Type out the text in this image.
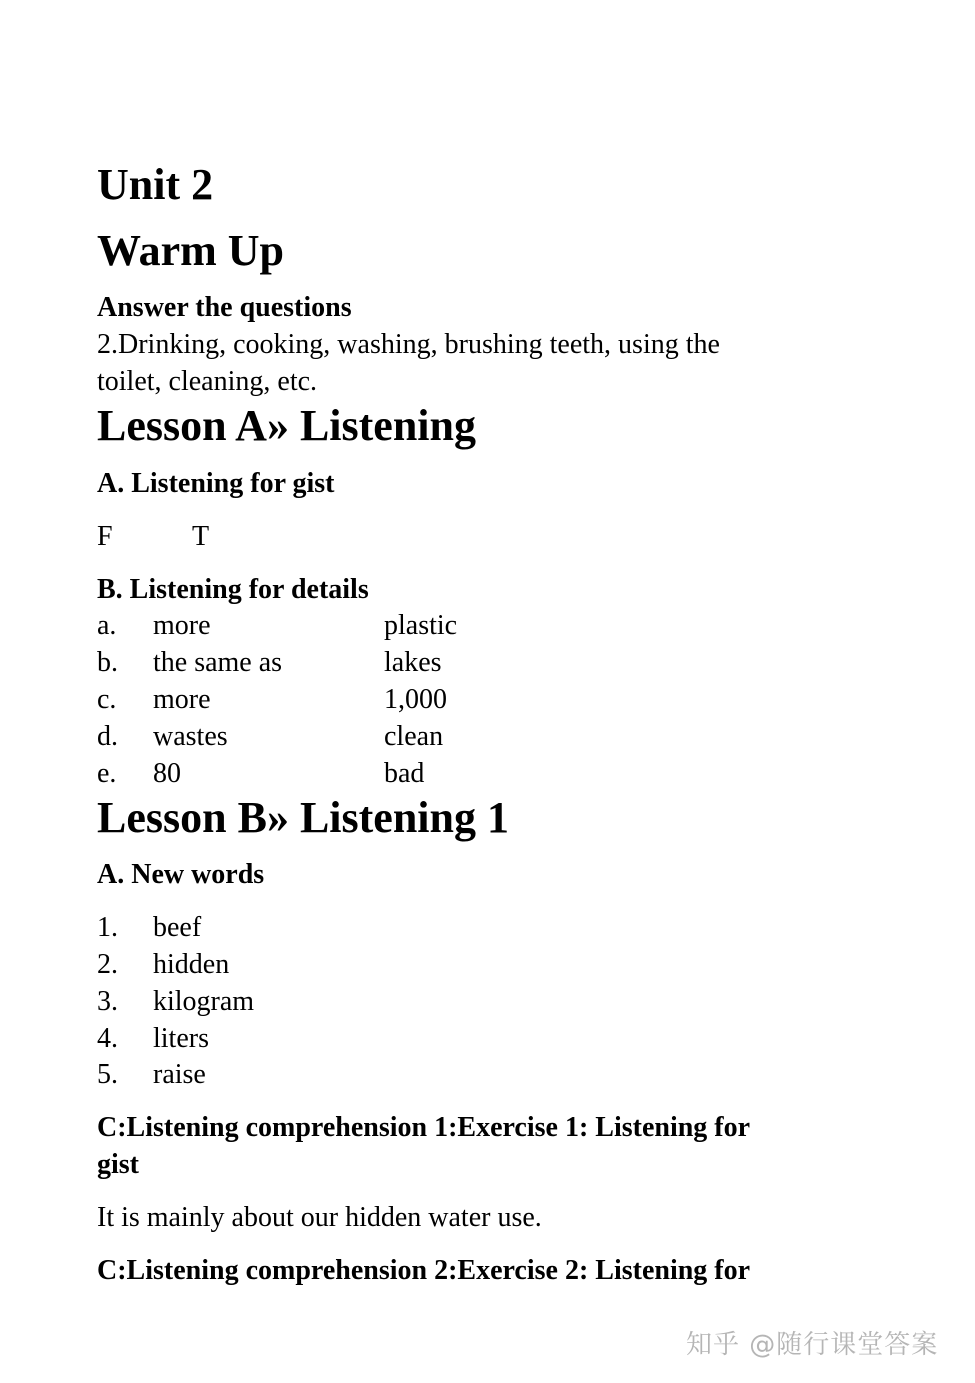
Unit 2
Warm Up
Answer the questions
2.Drinking, cooking, washing, brushing teeth, using the
toilet, cleaning, etc.
Lesson A» Listening
A. Listening for gist
F	T
B. Listening for details
a. more	plastic
b. the same as	lakes
c. more	1,000
d. wastes	clean
e. 80	bad
Lesson B» Listening 1
A. New words
1. beef
2. hidden
3. kilogram
4. liters
5. raise
C:Listening comprehension 1:Exercise 1: Listening for
gist
It is mainly about our hidden water use.
C:Listening comprehension 2:Exercise 2: Listening for
知乎 @随行课堂答案
